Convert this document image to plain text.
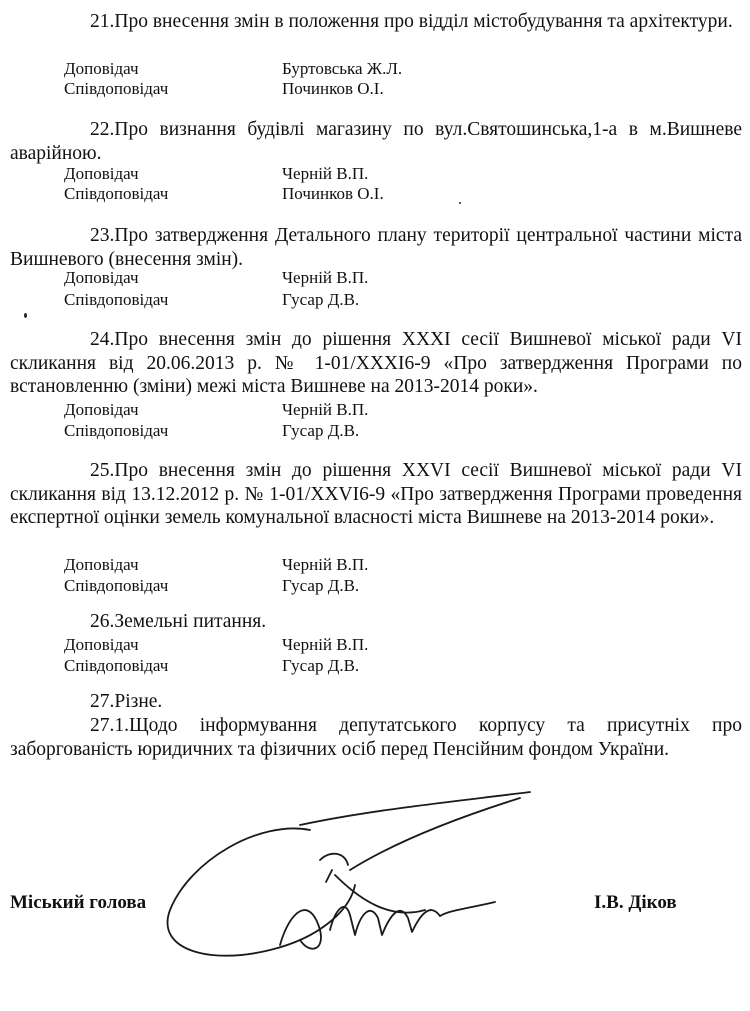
21.Про внесення змін в положення про відділ містобудування та архітектури.
Доповідач	Буртовська Ж.Л.
Співдоповідач	Починков О.І.
22.Про визнання будівлі магазину по вул.Святошинська,1-а в м.Вишневе аварійною.
Доповідач	Черній В.П.
Співдоповідач	Починков О.І.
23.Про затвердження Детального плану території центральної частини міста Вишневого (внесення змін).
Доповідач	Черній В.П.
Співдоповідач	Гусар Д.В.
24.Про внесення змін до рішення XXXI сесії Вишневої міської ради VI скликання від 20.06.2013 р. № 1-01/XXXI6-9 «Про затвердження Програми по встановленню (зміни) межі міста Вишневе на 2013-2014 роки».
Доповідач	Черній В.П.
Співдоповідач	Гусар Д.В.
25.Про внесення змін до рішення XXVI сесії Вишневої міської ради VI скликання від 13.12.2012 р. № 1-01/XXVI6-9 «Про затвердження Програми проведення експертної оцінки земель комунальної власності міста Вишневе на 2013-2014 роки».
Доповідач	Черній В.П.
Співдоповідач	Гусар Д.В.
26.Земельні питання.
Доповідач	Черній В.П.
Співдоповідач	Гусар Д.В.
27.Різне.
27.1.Щодо інформування депутатського корпусу та присутніх про заборгованість юридичних та фізичних осіб перед Пенсійним фондом України.
Міський голова	І.В. Діков
